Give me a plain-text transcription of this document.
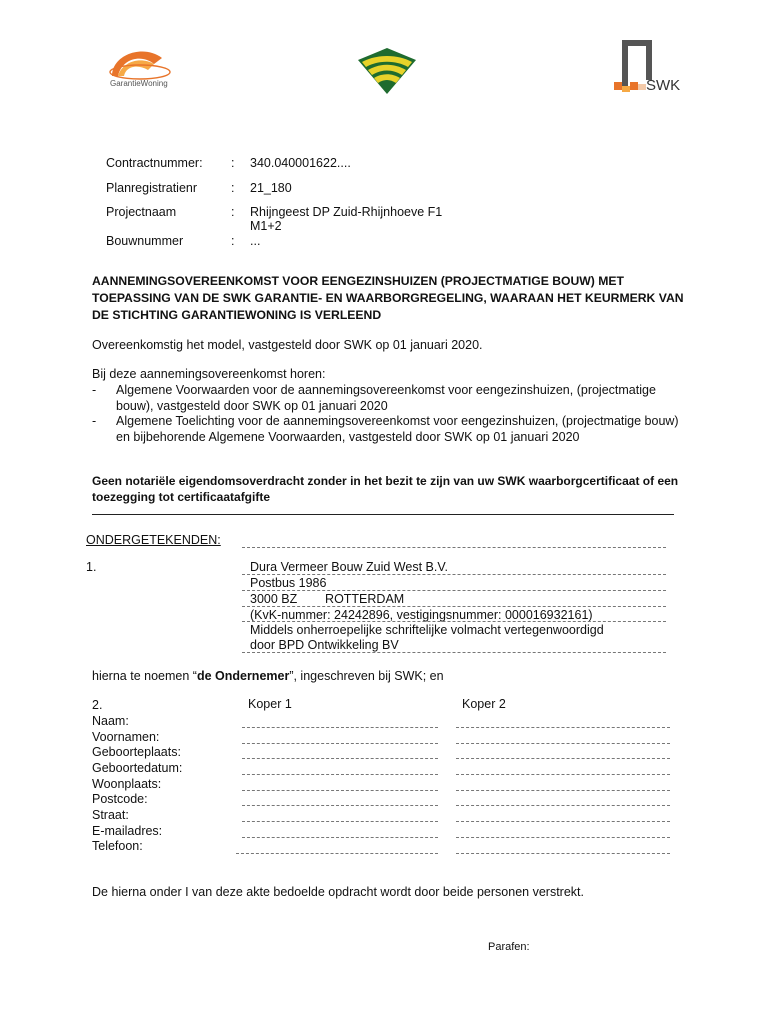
GarantieWoning	SWK
Contractnummer: : 340.040001622....
Planregistratienr	: 21_180
Projectnaam	: Rhijngeest DP Zuid-Rhijnhoeve F1
M1+2
Bouwnummer	: ...
AANNEMINGSOVEREENKOMST VOOR EENGEZINSHUIZEN (PROJECTMATIGE BOUW) MET TOEPASSING VAN DE SWK GARANTIE- EN WAARBORGREGELING, WAARAAN HET KEURMERK VAN DE STICHTING GARANTIEWONING IS VERLEEND
Overeenkomstig het model, vastgesteld door SWK op 01 januari 2020.
Bij deze aannemingsovereenkomst horen:
- Algemene Voorwaarden voor de aannemingsovereenkomst voor eengezinshuizen, (projectmatige bouw), vastgesteld door SWK op 01 januari 2020
- Algemene Toelichting voor de aannemingsovereenkomst voor eengezinshuizen, (projectmatige bouw) en bijbehorende Algemene Voorwaarden, vastgesteld door SWK op 01 januari 2020
Geen notariële eigendomsoverdracht zonder in het bezit te zijn van uw SWK waarborgcertificaat of een toezegging tot certificaatafgifte
ONDERGETEKENDEN:
1.	Dura Vermeer Bouw Zuid West B.V.
Postbus 1986
3000 BZ        ROTTERDAM
(KvK-nummer: 24242896, vestigingsnummer: 000016932161)
Middels onherroepelijke schriftelijke volmacht vertegenwoordigd
door BPD Ontwikkeling BV
hierna te noemen “de Ondernemer”, ingeschreven bij SWK; en
2.	Koper 1	Koper 2
Naam:
Voornamen:
Geboorteplaats:
Geboortedatum:
Woonplaats:
Postcode:
Straat:
E-mailadres:
Telefoon:
De hierna onder I van deze akte bedoelde opdracht wordt door beide personen verstrekt.
Parafen:
